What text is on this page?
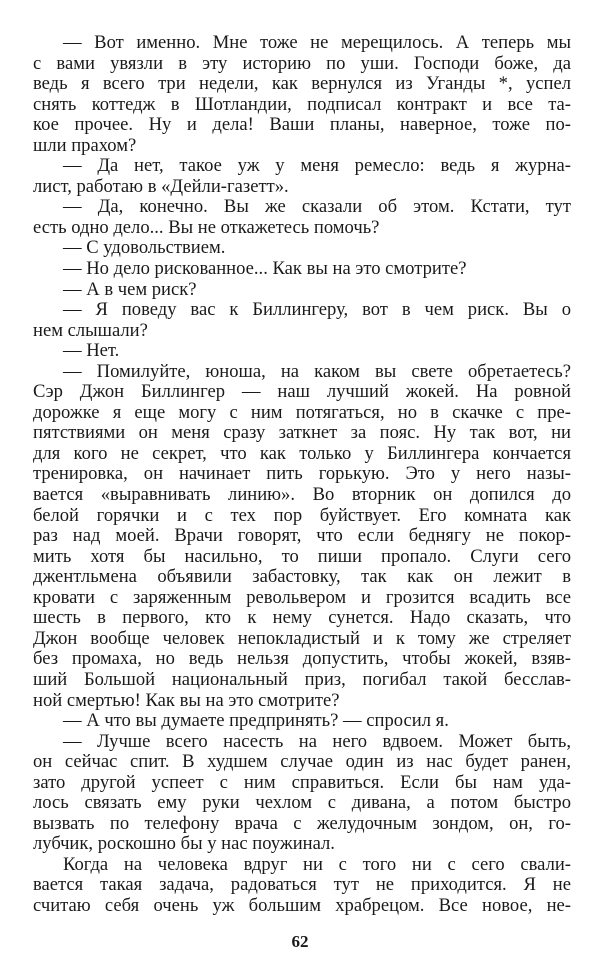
— Вот именно. Мне тоже не мерещилось. А теперь мы
с вами увязли в эту историю по уши. Господи боже, да
ведь я всего три недели, как вернулся из Уганды *, успел
снять коттедж в Шотландии, подписал контракт и все та-
кое прочее. Ну и дела! Ваши планы, наверное, тоже по-
шли прахом?
— Да нет, такое уж у меня ремесло: ведь я журна-
лист, работаю в «Дейли-газетт».
— Да, конечно. Вы же сказали об этом. Кстати, тут
есть одно дело... Вы не откажетесь помочь?
— С удовольствием.
— Но дело рискованное... Как вы на это смотрите?
— А в чем риск?
— Я поведу вас к Биллингеру, вот в чем риск. Вы о
нем слышали?
— Нет.
— Помилуйте, юноша, на каком вы свете обретаетесь?
Сэр Джон Биллингер — наш лучший жокей. На ровной
дорожке я еще могу с ним потягаться, но в скачке с пре-
пятствиями он меня сразу заткнет за пояс. Ну так вот, ни
для кого не секрет, что как только у Биллингера кончается
тренировка, он начинает пить горькую. Это у него назы-
вается «выравнивать линию». Во вторник он допился до
белой горячки и с тех пор буйствует. Его комната как
раз над моей. Врачи говорят, что если беднягу не покор-
мить хотя бы насильно, то пиши пропало. Слуги сего
джентльмена объявили забастовку, так как он лежит в
кровати с заряженным револьвером и грозится всадить все
шесть в первого, кто к нему сунется. Надо сказать, что
Джон вообще человек непокладистый и к тому же стреляет
без промаха, но ведь нельзя допустить, чтобы жокей, взяв-
ший Большой национальный приз, погибал такой бесслав-
ной смертью! Как вы на это смотрите?
— А что вы думаете предпринять? — спросил я.
— Лучше всего насесть на него вдвоем. Может быть,
он сейчас спит. В худшем случае один из нас будет ранен,
зато другой успеет с ним справиться. Если бы нам уда-
лось связать ему руки чехлом с дивана, а потом быстро
вызвать по телефону врача с желудочным зондом, он, го-
лубчик, роскошно бы у нас поужинал.
Когда на человека вдруг ни с того ни с сего свали-
вается такая задача, радоваться тут не приходится. Я не
считаю себя очень уж большим храбрецом. Все новое, не-
62
